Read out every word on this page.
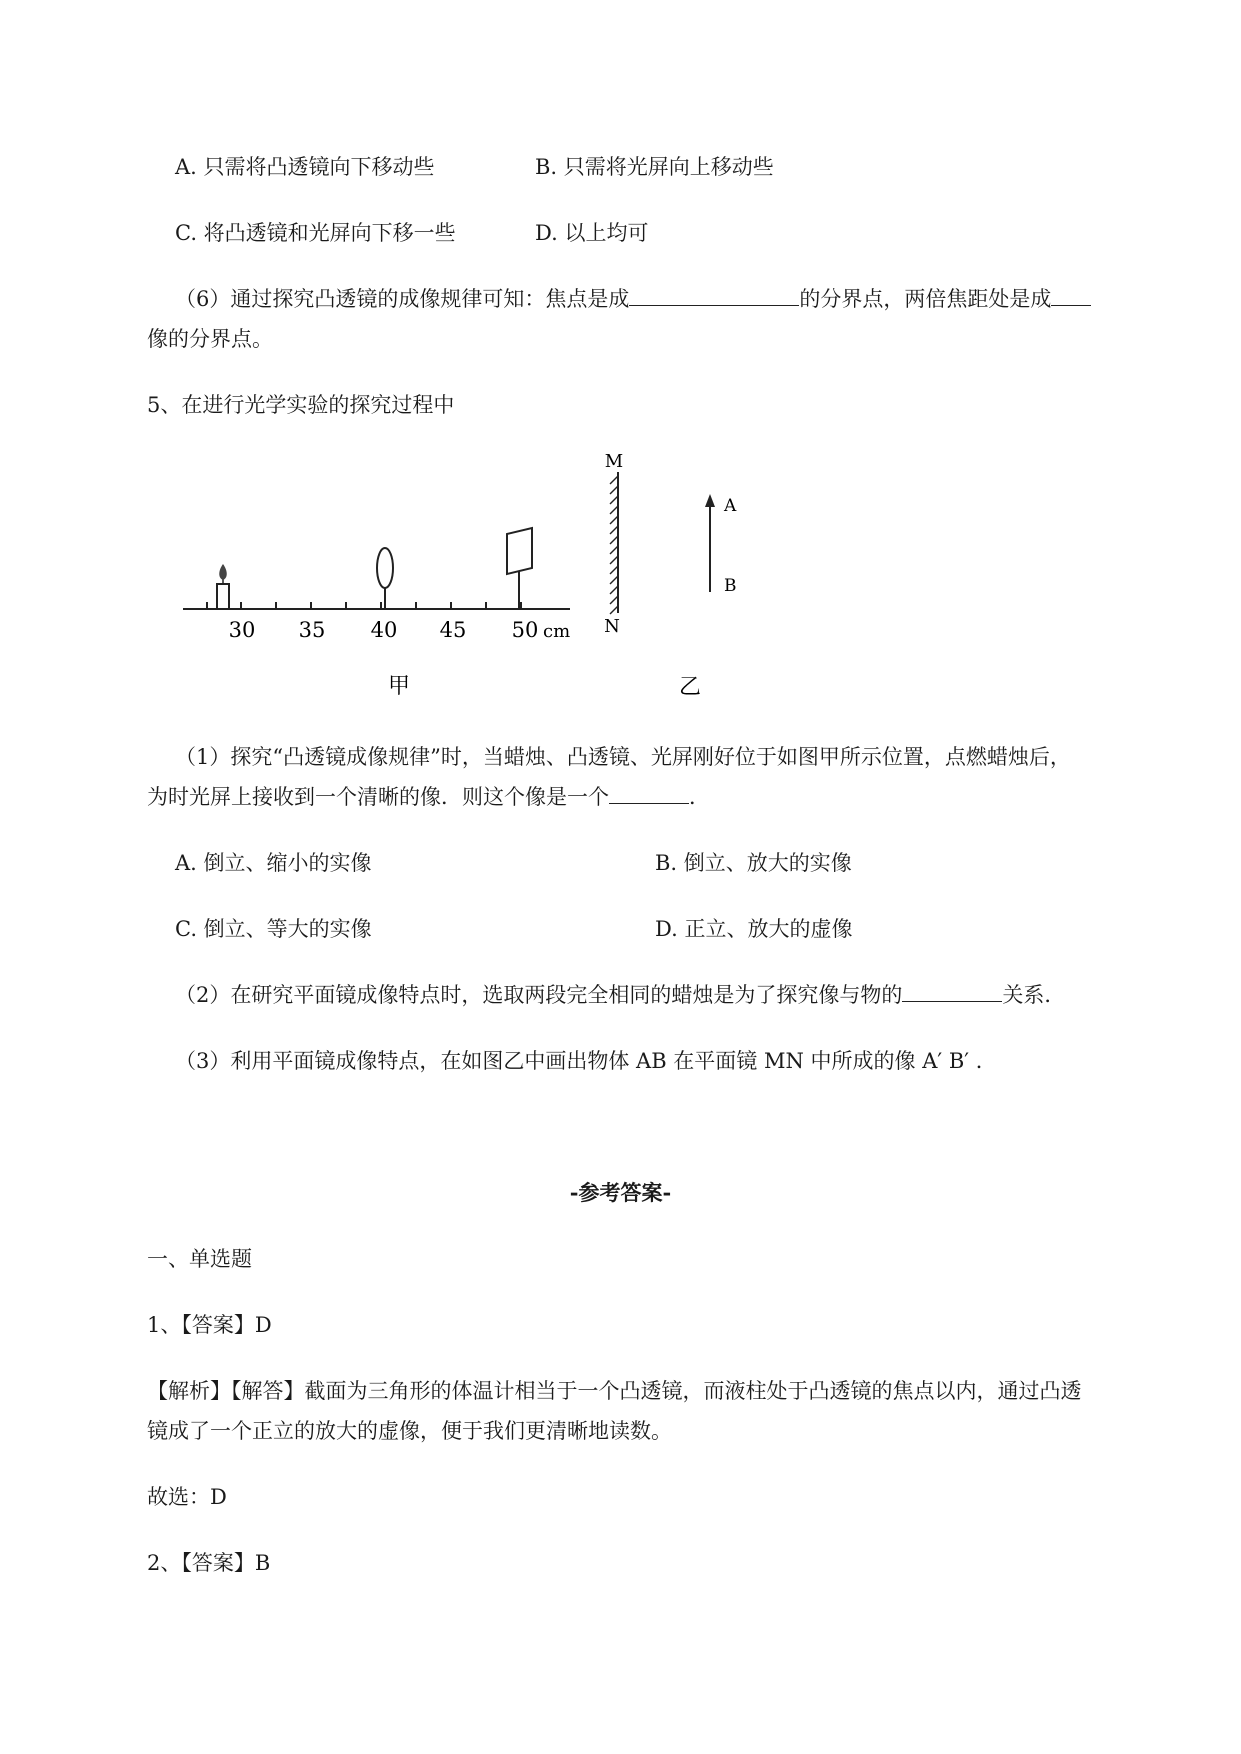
A. 只需将凸透镜向下移动些	B. 只需将光屏向上移动些
C. 将凸透镜和光屏向下移一些	D. 以上均可
（6）通过探究凸透镜的成像规律可知：焦点是成	的分界点，两倍焦距处是成
像的分界点。
5、在进行光学实验的探究过程中
30 35 40 45 50 cm
甲
M
N
A
B
乙
（1）探究“凸透镜成像规律”时，当蜡烛、凸透镜、光屏刚好位于如图甲所示位置，点燃蜡烛后，
为时光屏上接收到一个清晰的像．则这个像是一个	．
A. 倒立、缩小的实像	B. 倒立、放大的实像
C. 倒立、等大的实像	D. 正立、放大的虚像
（2）在研究平面镜成像特点时，选取两段完全相同的蜡烛是为了探究像与物的	关系．
（3）利用平面镜成像特点，在如图乙中画出物体 AB 在平面镜 MN 中所成的像 A′ B′ ．
-参考答案-
一、单选题
1、【答案】D
【解析】【解答】截面为三角形的体温计相当于一个凸透镜，而液柱处于凸透镜的焦点以内，通过凸透
镜成了一个正立的放大的虚像，便于我们更清晰地读数。
故选：D
2、【答案】B
